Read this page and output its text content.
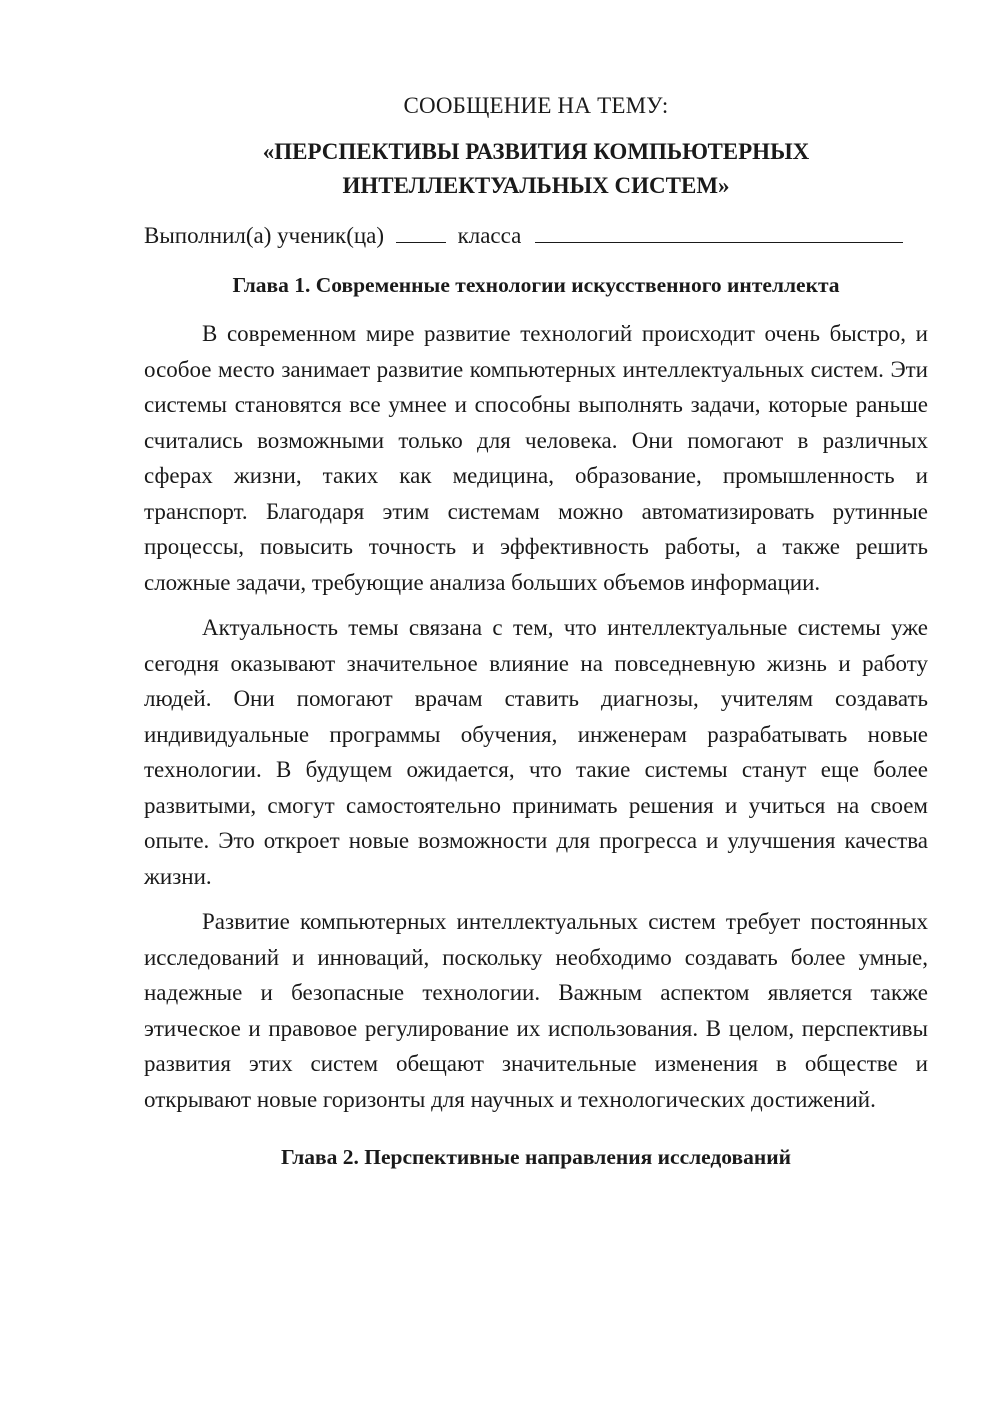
СООБЩЕНИЕ НА ТЕМУ:

«ПЕРСПЕКТИВЫ РАЗВИТИЯ КОМПЬЮТЕРНЫХ ИНТЕЛЛЕКТУАЛЬНЫХ СИСТЕМ»

Выполнил(а) ученик(ца)	класса
Глава 1. Современные технологии искусственного интеллекта

В современном мире развитие технологий происходит очень быстро, и особое место занимает развитие компьютерных интеллектуальных систем. Эти системы становятся все умнее и способны выполнять задачи, которые раньше считались возможными только для человека. Они помогают в различных сферах жизни, таких как медицина, образование, промышленность и транспорт. Благодаря этим системам можно автоматизировать рутинные процессы, повысить точность и эффективность работы, а также решить сложные задачи, требующие анализа больших объемов информации.

Актуальность темы связана с тем, что интеллектуальные системы уже сегодня оказывают значительное влияние на повседневную жизнь и работу людей. Они помогают врачам ставить диагнозы, учителям создавать индивидуальные программы обучения, инженерам разрабатывать новые технологии. В будущем ожидается, что такие системы станут еще более развитыми, смогут самостоятельно принимать решения и учиться на своем опыте. Это откроет новые возможности для прогресса и улучшения качества жизни.

Развитие компьютерных интеллектуальных систем требует постоянных исследований и инноваций, поскольку необходимо создавать более умные, надежные и безопасные технологии. Важным аспектом является также этическое и правовое регулирование их использования. В целом, перспективы развития этих систем обещают значительные изменения в обществе и открывают новые горизонты для научных и технологических достижений.

Глава 2. Перспективные направления исследований
